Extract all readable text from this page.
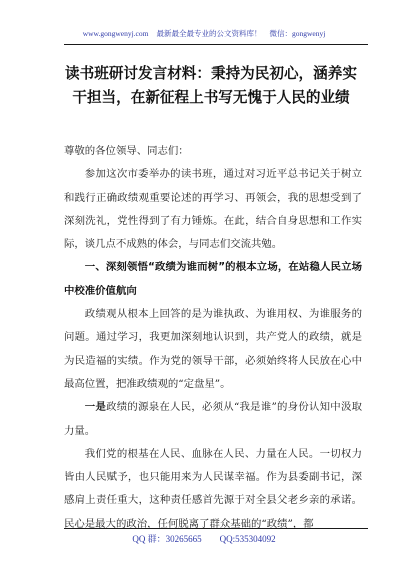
www.gongwenyj.com 最新最全最专业的公文资料库！ 微信：gongwenyj
读书班研讨发言材料：秉持为民初心，涵养实干担当，在新征程上书写无愧于人民的业绩

尊敬的各位领导、同志们：

参加这次市委举办的读书班，通过对习近平总书记关于树立和践行正确政绩观重要论述的再学习、再领会，我的思想受到了深刻洗礼，党性得到了有力锤炼。在此，结合自身思想和工作实际，谈几点不成熟的体会，与同志们交流共勉。

一、深刻领悟“政绩为谁而树”的根本立场，在站稳人民立场中校准价值航向

政绩观从根本上回答的是为谁执政、为谁用权、为谁服务的问题。通过学习，我更加深刻地认识到，共产党人的政绩，就是为民造福的实绩。作为党的领导干部，必须始终将人民放在心中最高位置，把准政绩观的“定盘星”。

一是政绩的源泉在人民，必须从“我是谁”的身份认知中汲取力量。

我们党的根基在人民、血脉在人民、力量在人民。一切权力皆由人民赋予，也只能用来为人民谋幸福。作为县委副书记，深感肩上责任重大，这种责任感首先源于对全县父老乡亲的承诺。民心是最大的政治，任何脱离了群众基础的“政绩”，都

QQ 群：30265665 QQ:535304092
